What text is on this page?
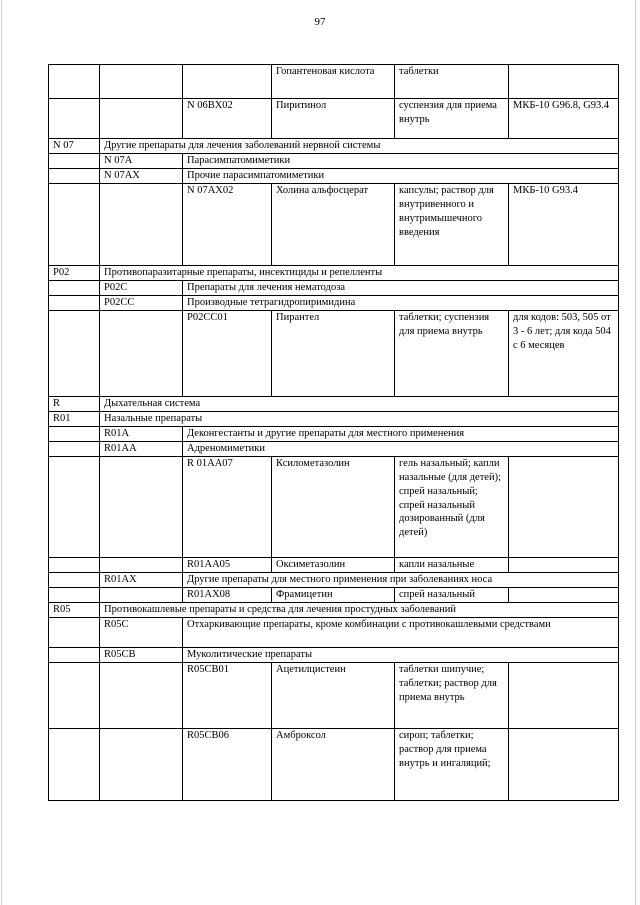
97
			Гопантеновая кислота	таблетки	
		N 06BX02	Пиритинол	суспензия для приема внутрь	МКБ-10 G96.8, G93.4
N 07	Другие препараты для лечения заболеваний нервной системы				
	N 07A	Парасимпатомиметики			
	N 07AX	Прочие парасимпатомиметики			
		N 07AX02	Холина альфосцерат	капсулы; раствор для внутривенного и внутримышечного введения	МКБ-10 G93.4
P02	Противопаразитарные препараты, инсектициды и репелленты				
	P02C	Препараты для лечения нематодоза			
	P02CC	Производные тетрагидропиримидина			
		P02CC01	Пирантел	таблетки; суспензия для приема внутрь	для кодов: 503, 505 от 3 - 6 лет; для кода 504 с 6 месяцев
R	Дыхательная система				
R01	Назальные препараты				
	R01A	Деконгестанты и другие препараты для местного применения			
	R01AA	Адреномиметики			
		R 01AA07	Ксилометазолин	гель назальный; капли назальные (для детей); спрей назальный; спрей назальный дозированный (для детей)	
		R01AA05	Оксиметазолин	капли назальные	
	R01AX	Другие препараты для местного применения при заболеваниях носа			
		R01AX08	Фрамицетин	спрей назальный	
R05	Противокашлевые препараты и средства для лечения простудных заболеваний				
	R05C	Отхаркивающие препараты, кроме комбинации с противокашлевыми средствами			
	R05CB	Муколитические препараты			
		R05CB01	Ацетилцистеин	таблетки шипучие; таблетки; раствор для приема внутрь	
		R05CB06	Амброксол	сироп; таблетки; раствор для приема внутрь и ингаляций;	
